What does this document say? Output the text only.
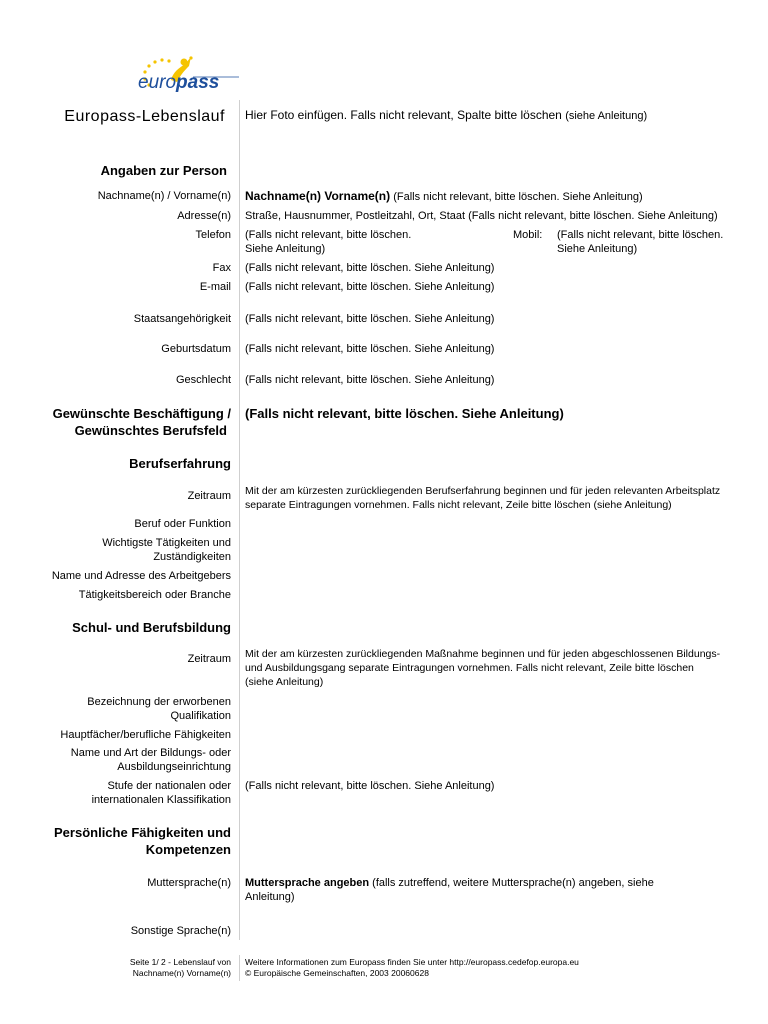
europass
Europass-Lebenslauf Hier Foto einfügen. Falls nicht relevant, Spalte bitte löschen (siehe Anleitung)
Angaben zur Person
Nachname(n) / Vorname(n) Nachname(n) Vorname(n) (Falls nicht relevant, bitte löschen. Siehe Anleitung)
Adresse(n) Straße, Hausnummer, Postleitzahl, Ort, Staat (Falls nicht relevant, bitte löschen. Siehe Anleitung)
Telefon (Falls nicht relevant, bitte löschen.
Siehe Anleitung)
Mobil: (Falls nicht relevant, bitte löschen.
Siehe Anleitung)
Fax (Falls nicht relevant, bitte löschen. Siehe Anleitung)
E-mail (Falls nicht relevant, bitte löschen. Siehe Anleitung)
Staatsangehörigkeit (Falls nicht relevant, bitte löschen. Siehe Anleitung)
Geburtsdatum (Falls nicht relevant, bitte löschen. Siehe Anleitung)
Geschlecht (Falls nicht relevant, bitte löschen. Siehe Anleitung)
Gewünschte Beschäftigung /
Gewünschtes Berufsfeld
(Falls nicht relevant, bitte löschen. Siehe Anleitung)
Berufserfahrung
Zeitraum Mit der am kürzesten zurückliegenden Berufserfahrung beginnen und für jeden relevanten Arbeitsplatz
separate Eintragungen vornehmen. Falls nicht relevant, Zeile bitte löschen (siehe Anleitung)
Beruf oder Funktion
Wichtigste Tätigkeiten und
Zuständigkeiten
Name und Adresse des Arbeitgebers
Tätigkeitsbereich oder Branche
Schul- und Berufsbildung
Zeitraum Mit der am kürzesten zurückliegenden Maßnahme beginnen und für jeden abgeschlossenen Bildungs-
und Ausbildungsgang separate Eintragungen vornehmen. Falls nicht relevant, Zeile bitte löschen
(siehe Anleitung)
Bezeichnung der erworbenen
Qualifikation
Hauptfächer/berufliche Fähigkeiten
Name und Art der Bildungs- oder
Ausbildungseinrichtung
Stufe der nationalen oder
internationalen Klassifikation
(Falls nicht relevant, bitte löschen. Siehe Anleitung)
Persönliche Fähigkeiten und
Kompetenzen
Muttersprache(n) Muttersprache angeben (falls zutreffend, weitere Muttersprache(n) angeben, siehe
Anleitung)
Sonstige Sprache(n)
Seite 1/ 2 - Lebenslauf von
Nachname(n) Vorname(n)
Weitere Informationen zum Europass finden Sie unter http://europass.cedefop.europa.eu
© Europäische Gemeinschaften, 2003 20060628
